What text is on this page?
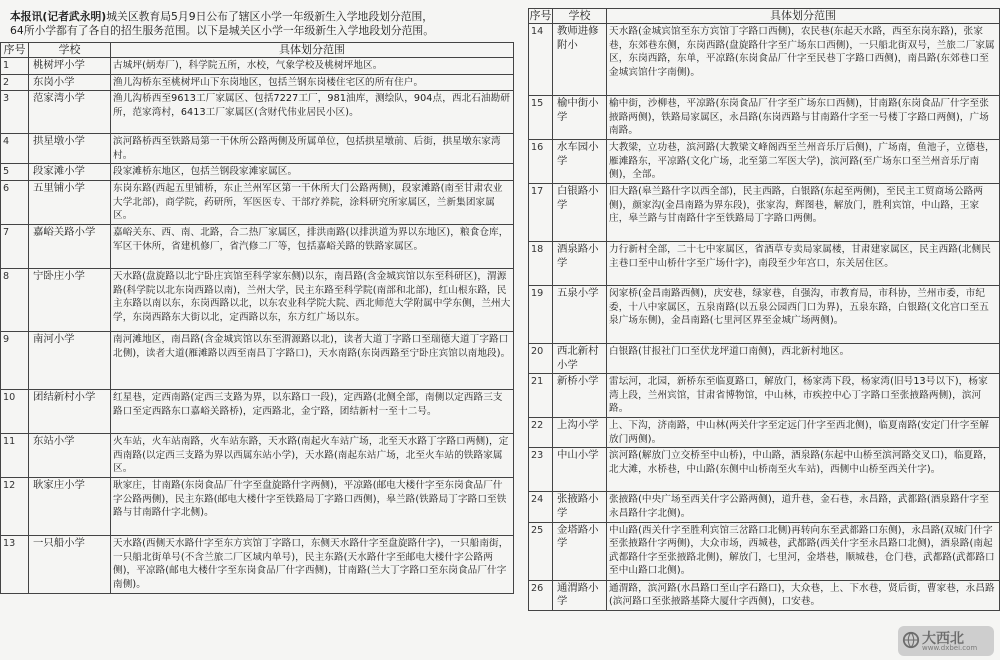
本报讯(记者武永明)城关区教育局5月9日公布了辖区小学一年级新生入学地段划分范围，
64所小学都有了各自的招生服务范围。以下是城关区小学一年级新生入学地段划分范围。
序号	学校	具体划分范围
1	桃树坪小学	古城坪(炳寿厂)，科学院五所，水校，气象学校及桃树坪地区。
2	东岗小学	渔儿沟桥东至桃树坪山下东岗地区，包括兰钢东岗楼住宅区的所有住户。
3	范家湾小学	渔儿沟桥西至9613工厂家属区、包括7227工厂，981油库，测绘队，904点，西北石油勘研所，范家湾村，6413工厂家属区(含财代伟业居民小区)。
4	拱星墩小学	滨河路桥西至铁路局第一干休所公路两侧及所属单位，包括拱星墩前、后街，拱星墩东家湾村。
5	段家滩小学	段家滩桥东地区，包括兰钢段家滩家属区。
6	五里铺小学	东岗东路(西起五里铺桥，东止兰州军区第一干休所大门公路两侧)，段家滩路(南至甘肃农业大学北部)，商学院，药研所，军医医专、干部疗养院，涂料研究所家属区，兰新集团家属区。
7	嘉峪关路小学	嘉峪关东、西、南、北路，合二热厂家属区，排洪南路(以排洪道为界以东地区)，粮食仓库，军区干休所，省建机修厂，省汽修二厂等，包括嘉峪关路的铁路家属区。
8	宁卧庄小学	天水路(盘旋路以北宁卧庄宾馆至科学家东侧)以东，南昌路(含金城宾馆以东至科研区)，渭源路(科学院以北东岗西路以南)，兰州大学，民主东路至科学院(南部和北部)，红山根东路，民主东路以南以东，东岗西路以北，以东农业科学院大院、西北师范大学附属中学东侧，兰州大学，东岗西路东大街以北，定西路以东，东方红广场以东。
9	南河小学	南河滩地区，南昌路(含金城宾馆以东至渭源路以北)，读者大道丁字路口至瑞德大道丁字路口北侧)，读者大道(雁滩路以西至南昌丁字路口)，天水南路(东岗西路至宁卧庄宾馆以南地段)。
10	团结新村小学	红星巷，定西南路(定西三支路为界，以东路口一段)，定西路(北侧全部，南侧以定西路三支路口至定西路东口嘉峪关路桥)，定西路北，金宁路，团结新村一至十二号。
11	东站小学	火车站，火车站南路，火车站东路，天水路(南起火车站广场，北至天水路丁字路口两侧)，定西南路(以定西三支路为界以西属东站小学)，天水路(南起东站广场，北至火车站的铁路家属区。
12	耿家庄小学	耿家庄，甘南路(东岗食品厂什字至盘旋路什字两侧)，平凉路(邮电大楼什字至东岗食品厂什字公路两侧)，民主东路(邮电大楼什字至铁路局丁字路口西侧)，皋兰路(铁路局丁字路口至铁路与甘南路什字北侧)。
13	一只船小学	天水路(西侧天水路什字至东方宾馆丁字路口，东侧天水路什字至盘旋路什字)，一只船南街，一只船北街单号(不含兰旅二厂区域内单号)，民主东路(天水路什字至邮电大楼什字公路两侧)，平凉路(邮电大楼什字至东岗食品厂什字西侧)，甘南路(兰大丁字路口至东岗食品厂什字南侧)。
序号	学校	具体划分范围
14	教师进修附小	天水路(金城宾馆至东方宾馆丁字路口西侧)，农民巷(东起天水路，西至东岗东路)，张家巷，东郊巷东侧，东岗西路(盘旋路什字至广场东口西侧)，一只船北街双号，兰旅二厂家属区，东岗西路，东单，平凉路(东岗食品厂什字至民巷丁字路口西侧)，南昌路(东郊巷口至金城宾馆什字南侧)。
15	榆中街小学	榆中街，沙柳巷，平凉路(东岗食品厂什字至广场东口西侧)，甘南路(东岗食品厂什字至张掖路两侧)，铁路局家属区，永昌路(东岗西路与甘南路什字至一号楼丁字路口两侧)，广场南路。
16	水车园小学	大教梁，立功巷，滨河路(大教梁文峰阁西至兰州音乐厅后侧)，广场南，鱼池子，立德巷，雁滩路东，平凉路(文化广场，北至第二军医大学)，滨河路(至广场东口至兰州音乐厅南侧)，全部。
17	白银路小学	旧大路(皋兰路什字以西全部)，民主西路，白银路(东起至两侧)，至民主工贸商场公路两侧)，颜家沟(金昌南路为界东段)，张家沟，辉图巷，解放门，胜利宾馆，中山路，王家庄，皋兰路与甘南路什字至铁路局丁字路口两侧。
18	酒泉路小学	力行新村全部，二十七中家属区，省酒草专卖局家属楼，甘肃建家属区，民主西路(北侧民主巷口至中山桥什字至广场什字)，南段至少年宫口，东关居住区。
19	五泉小学	闵家桥(金昌南路西侧)，庆安巷，绿家巷，自强沟，市教育局，市科协，兰州市委，市纪委，十八中家属区，五泉南路(以五泉公园西门口为界)，五泉东路，白银路(文化宫口至五泉广场东侧)，金昌南路(七里河区界至金城广场两侧)。
20	西北新村小学	白银路(甘报社门口至伏龙坪道口南侧)，西北新村地区。
21	新桥小学	雷坛河，北园，新桥东至临夏路口，解放门，杨家湾下段，杨家湾(旧号13号以下)，杨家湾上段，兰州宾馆，甘肃省博物馆，中山林，市疾控中心丁字路口至张掖路两侧)，滨河路。
22	上沟小学	上、下沟，济南路，中山林(两关什字至定远门什字至西北侧)，临夏南路(安定门什字至解放门两侧)。
23	中山小学	滨河路(解放门立交桥至中山桥)，中山路，酒泉路(东起中山桥至滨河路交叉口)，临夏路，北大滩，水桥巷，中山路(东侧中山桥南至火车站)，西侧中山桥至西关什字)。
24	张掖路小学	张掖路(中央广场至西关什字公路两侧)，道升巷，金石巷，永昌路，武都路(酒泉路什字至永昌路什字北侧)。
25	金塔路小学	中山路(西关什字至胜利宾馆三岔路口北侧)再转向东至武都路口东侧)，永昌路(双城门什字至张掖路什字两侧)，大众市场，西城巷，武都路(西关什字至永昌路口北侧)，酒泉路(南起武都路什字至张掖路北侧)，解放门，七里河，金塔巷，顺城巷，仓门巷，武都路(武都路口至中山路口北侧)。
26	通渭路小学	通渭路，滨河路(水昌路口至山字石路口)，大众巷，上、下水巷，贤后街，曹家巷，永昌路(滨河路口至张掖路基降大厦什字西侧)，口安巷。
大西北
www.dxbei.com
